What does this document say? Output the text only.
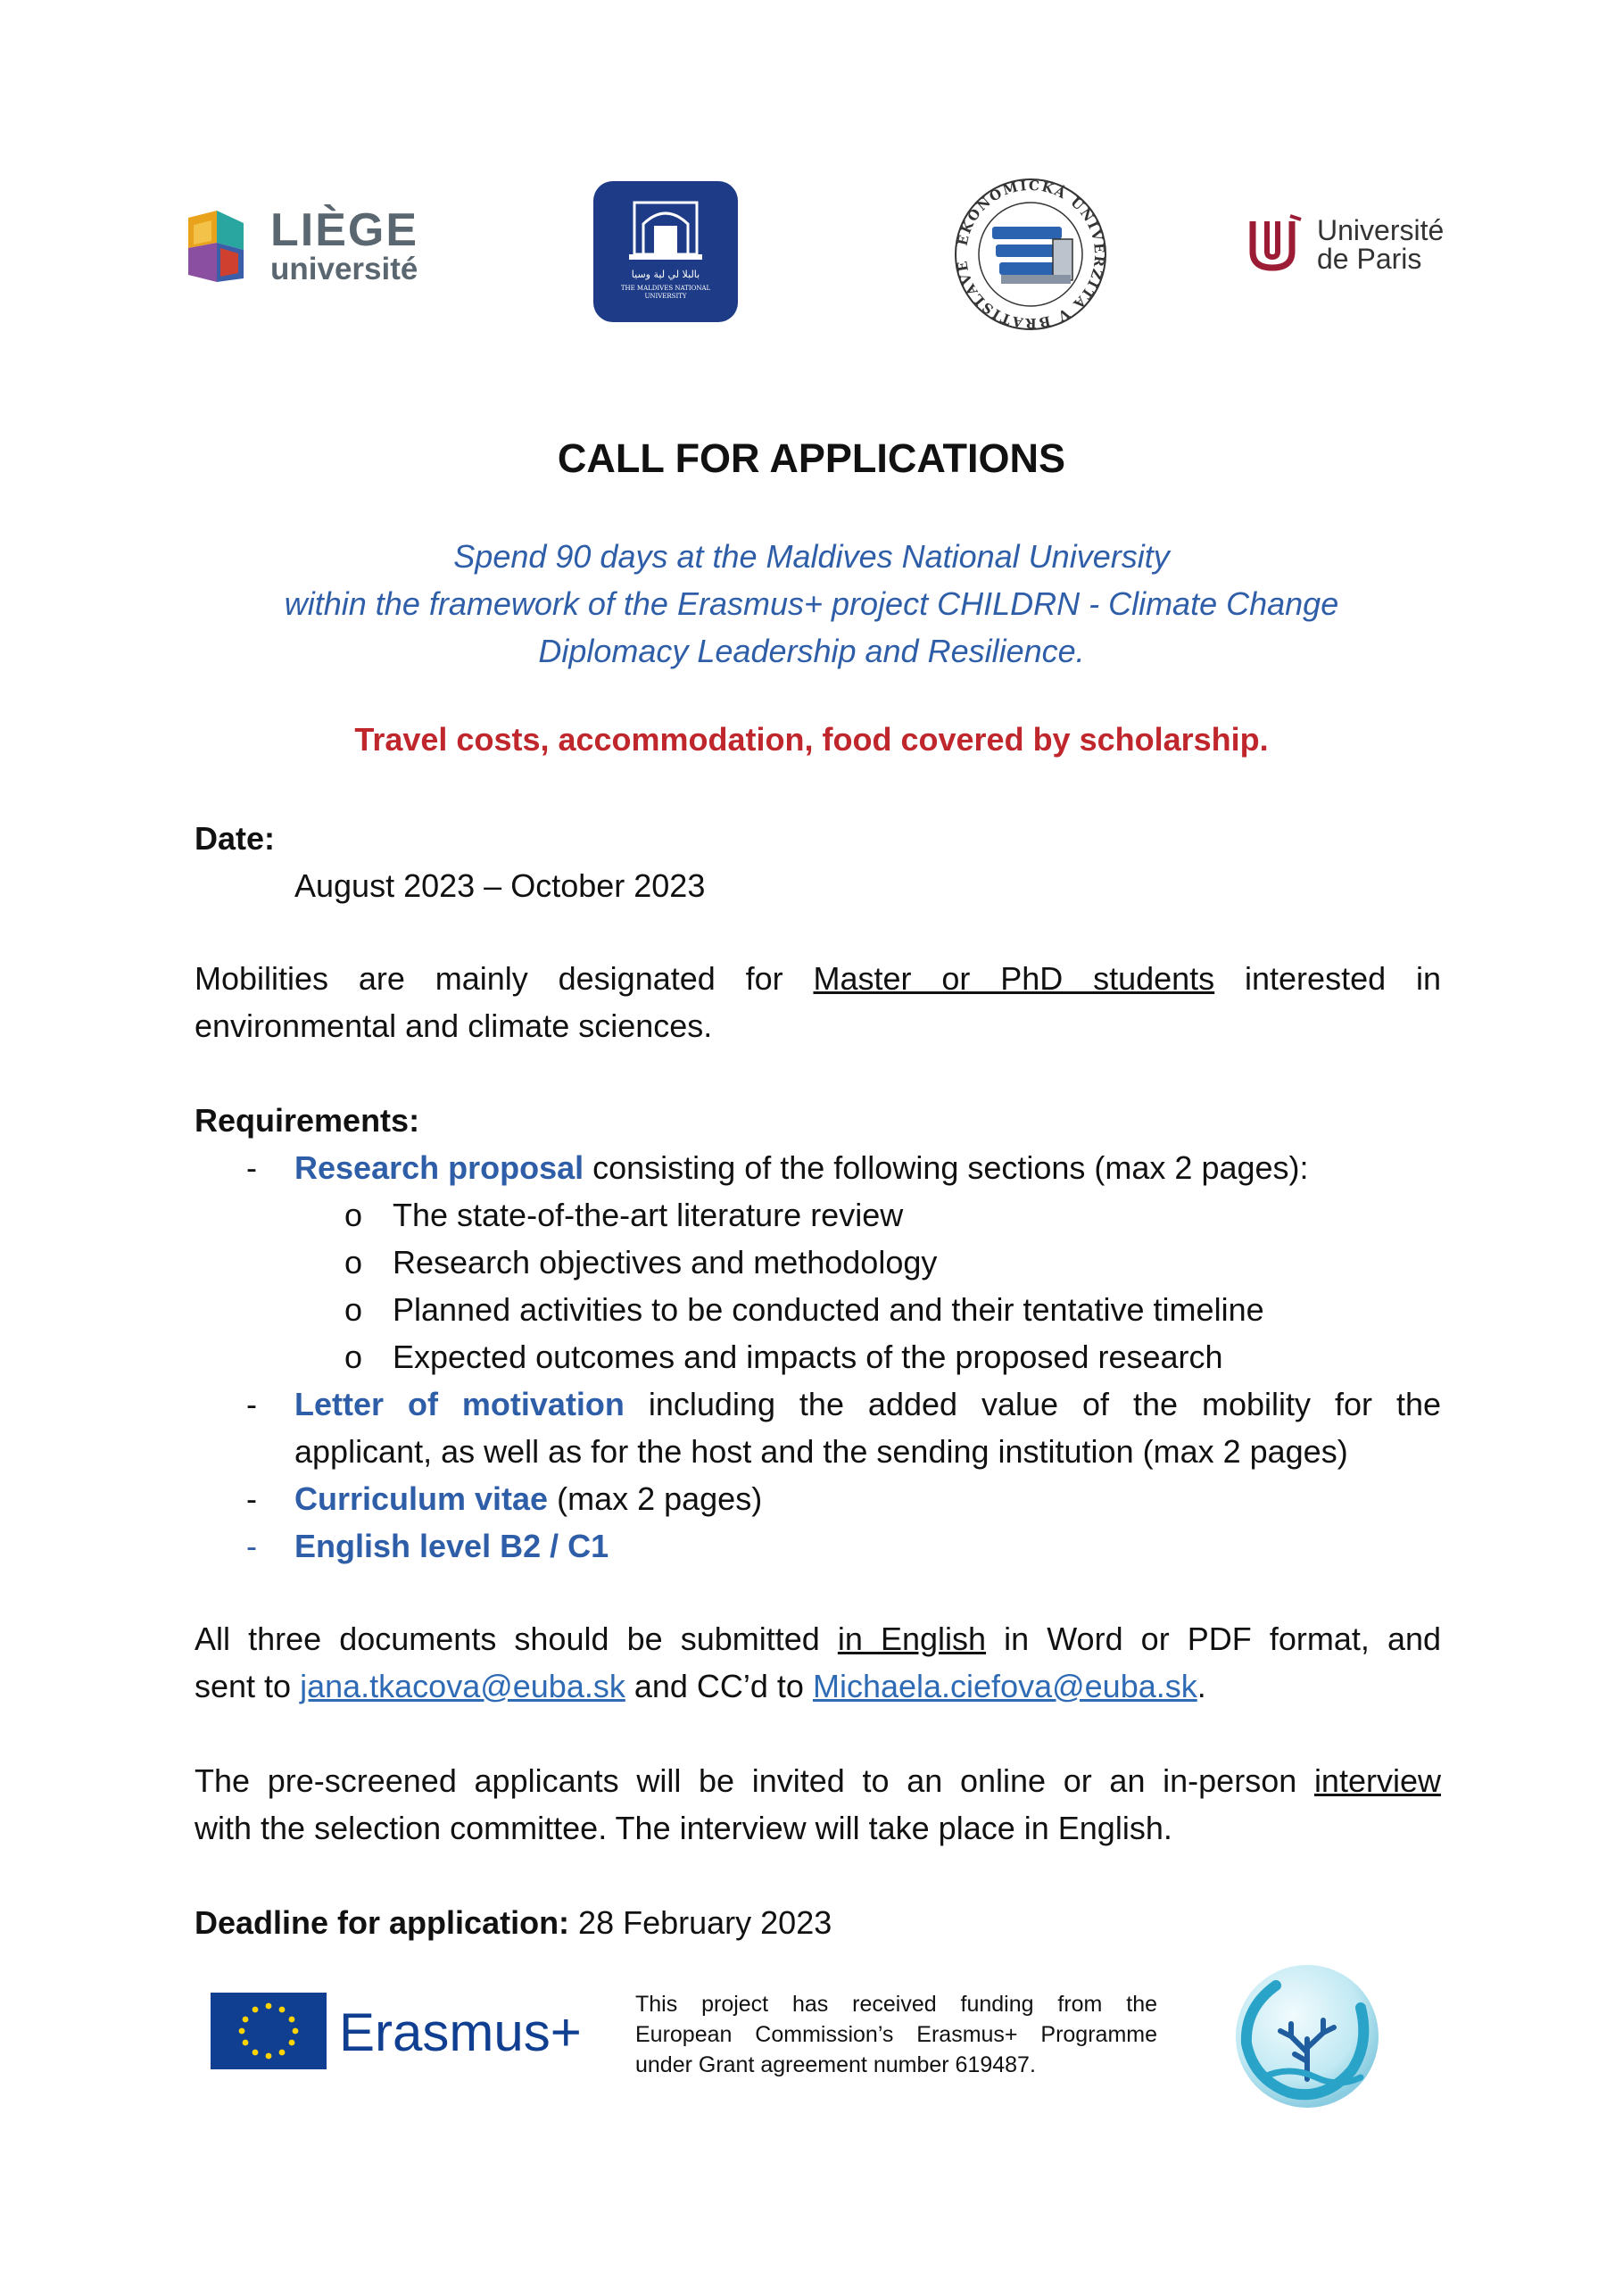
LIÈGE
université	بالبلا لي لية وسيا
THE MALDIVES NATIONAL
UNIVERSITY
EKONOMICKÁ UNIVERZITA V BRATISLAVE
Université
de Paris
CALL FOR APPLICATIONS
Spend 90 days at the Maldives National University
within the framework of the Erasmus+ project CHILDRN - Climate Change
Diplomacy Leadership and Resilience.
Travel costs, accommodation, food covered by scholarship.
Date:
August 2023 – October 2023
Mobilities are mainly designated for Master or PhD students interested in
environmental and climate sciences.
Requirements:
- Research proposal consisting of the following sections (max 2 pages):
o The state-of-the-art literature review
o Research objectives and methodology
o Planned activities to be conducted and their tentative timeline
o Expected outcomes and impacts of the proposed research
- Letter of motivation including the added value of the mobility for the
applicant, as well as for the host and the sending institution (max 2 pages)
- Curriculum vitae (max 2 pages)
- English level B2 / C1
All three documents should be submitted in English in Word or PDF format, and
sent to jana.tkacova@euba.sk and CC’d to Michaela.ciefova@euba.sk.
The pre-screened applicants will be invited to an online or an in-person interview
with the selection committee. The interview will take place in English.
Deadline for application: 28 February 2023
Erasmus+ This project has received funding from the
European Commission’s Erasmus+ Programme
under Grant agreement number 619487.
